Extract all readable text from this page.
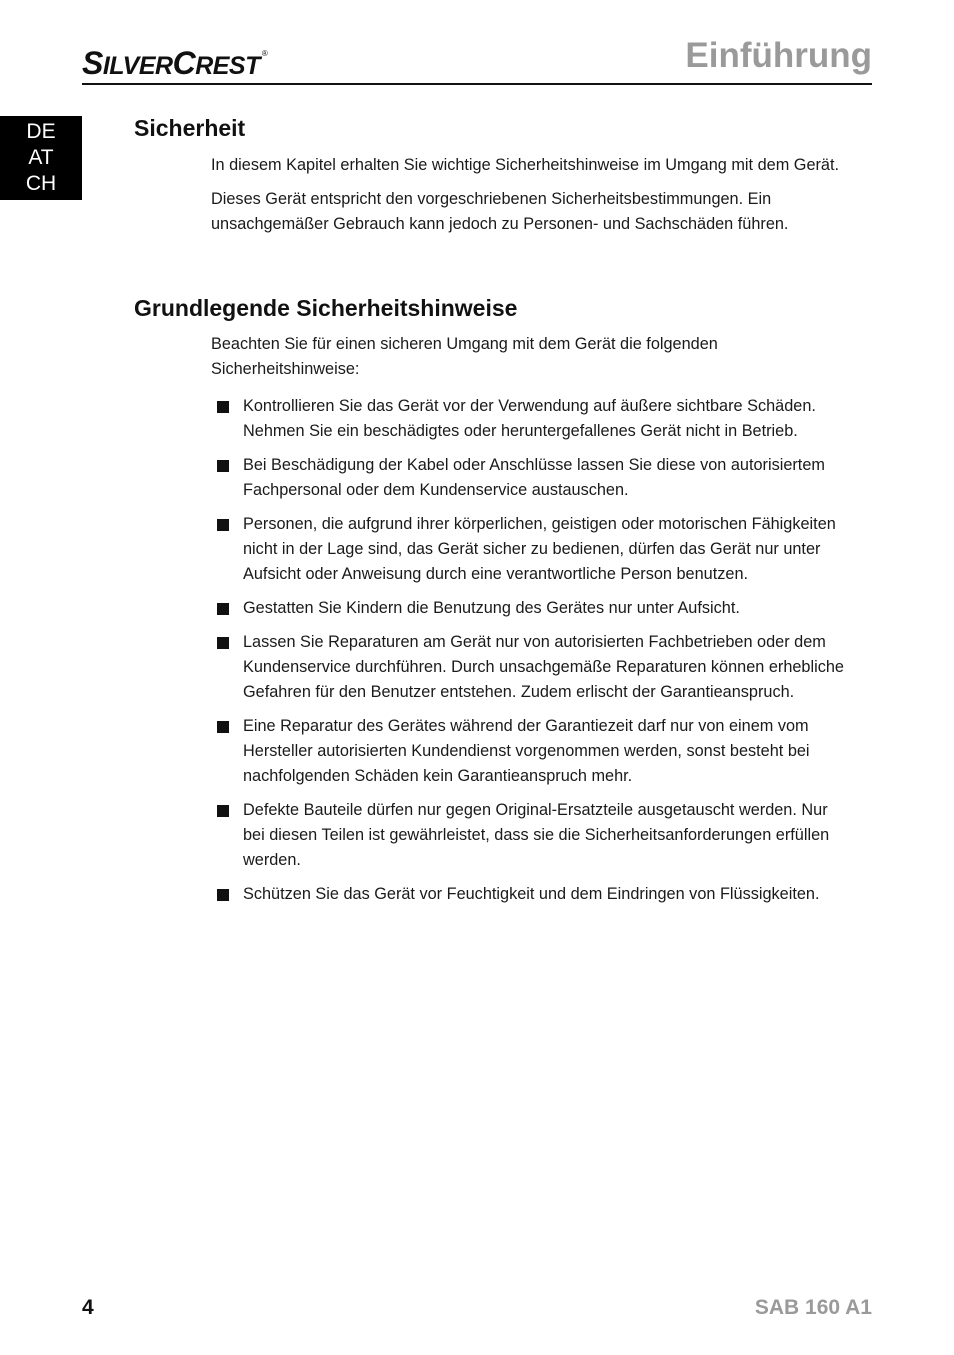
SILVERCREST ®	Einführung
DE
AT
CH
Sicherheit

In diesem Kapitel erhalten Sie wichtige Sicherheitshinweise im Umgang mit dem Gerät.

Dieses Gerät entspricht den vorgeschriebenen Sicherheitsbestimmungen. Ein unsachgemäßer Gebrauch kann jedoch zu Personen- und Sachschäden führen.

Grundlegende Sicherheitshinweise

Beachten Sie für einen sicheren Umgang mit dem Gerät die folgenden Sicherheitshinweise:

Kontrollieren Sie das Gerät vor der Verwendung auf äußere sichtbare Schäden. Nehmen Sie ein beschädigtes oder heruntergefallenes Gerät nicht in Betrieb.
Bei Beschädigung der Kabel oder Anschlüsse lassen Sie diese von autorisiertem Fachpersonal oder dem Kundenservice austauschen.
Personen, die aufgrund ihrer körperlichen, geistigen oder motorischen Fähigkeiten nicht in der Lage sind, das Gerät sicher zu bedienen, dürfen das Gerät nur unter Aufsicht oder Anweisung durch eine verantwortliche Person benutzen.
Gestatten Sie Kindern die Benutzung des Gerätes nur unter Aufsicht.
Lassen Sie Reparaturen am Gerät nur von autorisierten Fachbetrieben oder dem Kundenservice durchführen. Durch unsachgemäße Reparaturen können erhebliche Gefahren für den Benutzer entstehen. Zudem erlischt der Garantieanspruch.
Eine Reparatur des Gerätes während der Garantiezeit darf nur von einem vom Hersteller autorisierten Kundendienst vorgenommen werden, sonst besteht bei nachfolgenden Schäden kein Garantieanspruch mehr.
Defekte Bauteile dürfen nur gegen Original-Ersatzteile ausgetauscht werden. Nur bei diesen Teilen ist gewährleistet, dass sie die Sicherheitsanforderungen erfüllen werden.
Schützen Sie das Gerät vor Feuchtigkeit und dem Eindringen von Flüssigkeiten.
4	SAB 160 A1
